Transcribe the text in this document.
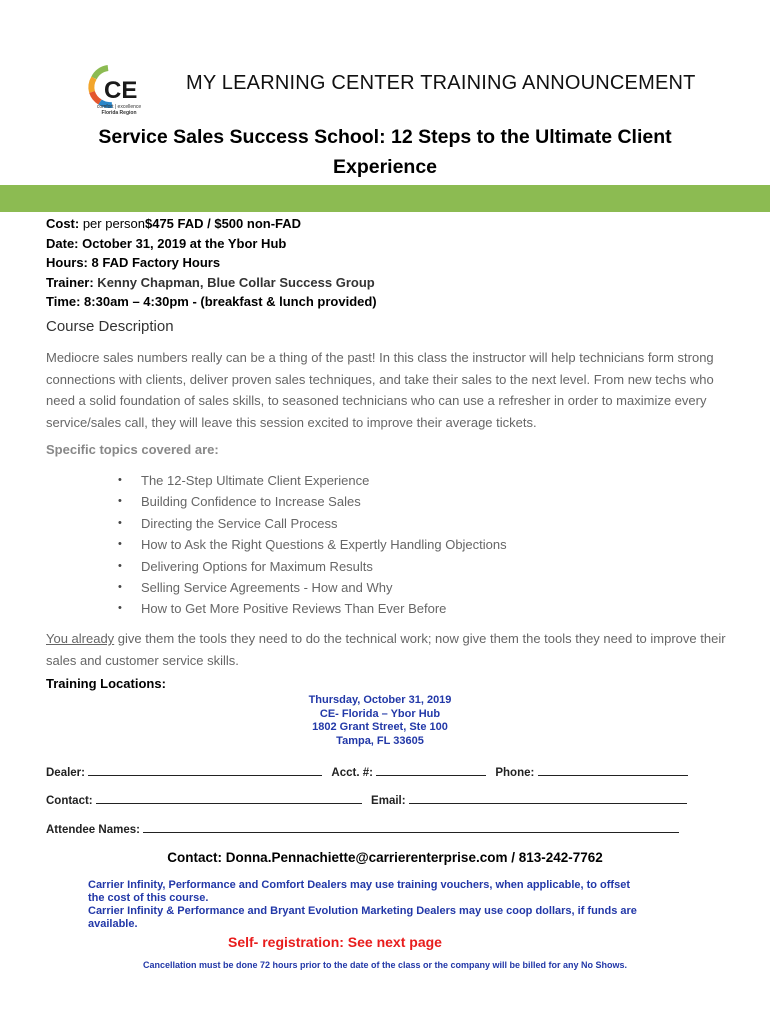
CE
comfort | excellence
Florida Region
MY LEARNING CENTER TRAINING ANNOUNCEMENT
Service Sales Success School: 12 Steps to the Ultimate Client Experience
Cost: per person$475 FAD / $500 non-FAD
Date: October 31, 2019 at the Ybor Hub
Hours: 8 FAD Factory Hours
Trainer: Kenny Chapman, Blue Collar Success Group
Time: 8:30am – 4:30pm - (breakfast & lunch provided)
Course Description
Mediocre sales numbers really can be a thing of the past! In this class the instructor will help technicians form strong connections with clients, deliver proven sales techniques, and take their sales to the next level. From new techs who need a solid foundation of sales skills, to seasoned technicians who can use a refresher in order to maximize every service/sales call, they will leave this session excited to improve their average tickets.
Specific topics covered are:
• The 12-Step Ultimate Client Experience
• Building Confidence to Increase Sales
• Directing the Service Call Process
• How to Ask the Right Questions & Expertly Handling Objections
• Delivering Options for Maximum Results
• Selling Service Agreements - How and Why
• How to Get More Positive Reviews Than Ever Before
You already give them the tools they need to do the technical work; now give them the tools they need to improve their sales and customer service skills.
Training Locations:
Thursday, October 31, 2019
CE- Florida – Ybor Hub
1802 Grant Street, Ste 100
Tampa, FL 33605
Dealer:	Acct. #:	Phone:
Contact:	Email:
Attendee Names:
Contact: Donna.Pennachiette@carrierenterprise.com / 813-242-7762
Carrier Infinity, Performance and Comfort Dealers may use training vouchers, when applicable, to offset the cost of this course.
Carrier Infinity & Performance and Bryant Evolution Marketing Dealers may use coop dollars, if funds are available.
Self- registration: See next page
Cancellation must be done 72 hours prior to the date of the class or the company will be billed for any No Shows.
